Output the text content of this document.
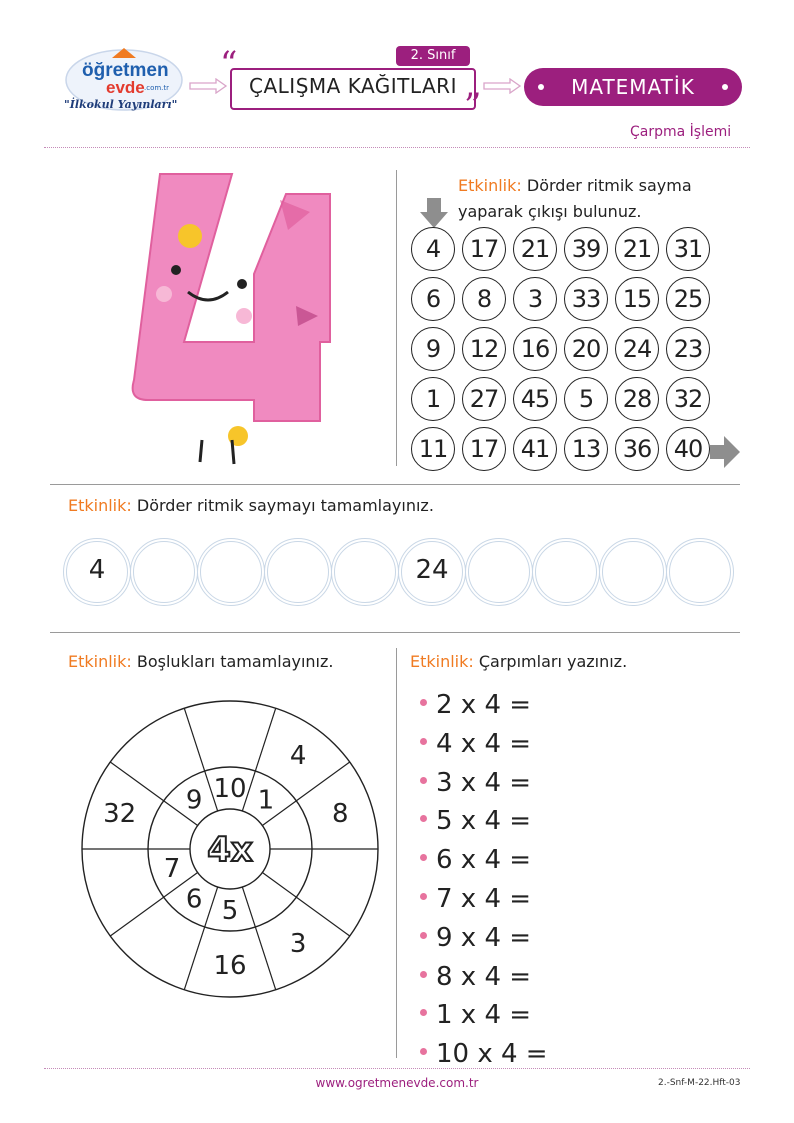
öğretmen
evde .com.tr
"İlkokul Yayınları"
“
”
2. Sınıf
ÇALIŞMA KAĞITLARI	MATEMATİK
Çarpma İşlemi
Etkinlik: Dörder ritmik sayma
yaparak çıkışı bulunuz.
4	17 21 39 21 31
6	8	3	33 15 25
9	12 16 20 24 23
1	27 45	5	28 32
11 17 41 13 36 40
Etkinlik: Dörder ritmik saymayı tamamlayınız.
4	24
Etkinlik: Boşlukları tamamlayınız.
4
8
3
16
32	1
5
6
7
9 10
4x
Etkinlik: Çarpımları yazınız.
2 x 4 =
4 x 4 =
3 x 4 =
5 x 4 =
6 x 4 =
7 x 4 =
9 x 4 =
8 x 4 =
1 x 4 =
10 x 4 =
www.ogretmenevde.com.tr	2.-Snf-M-22.Hft-03
